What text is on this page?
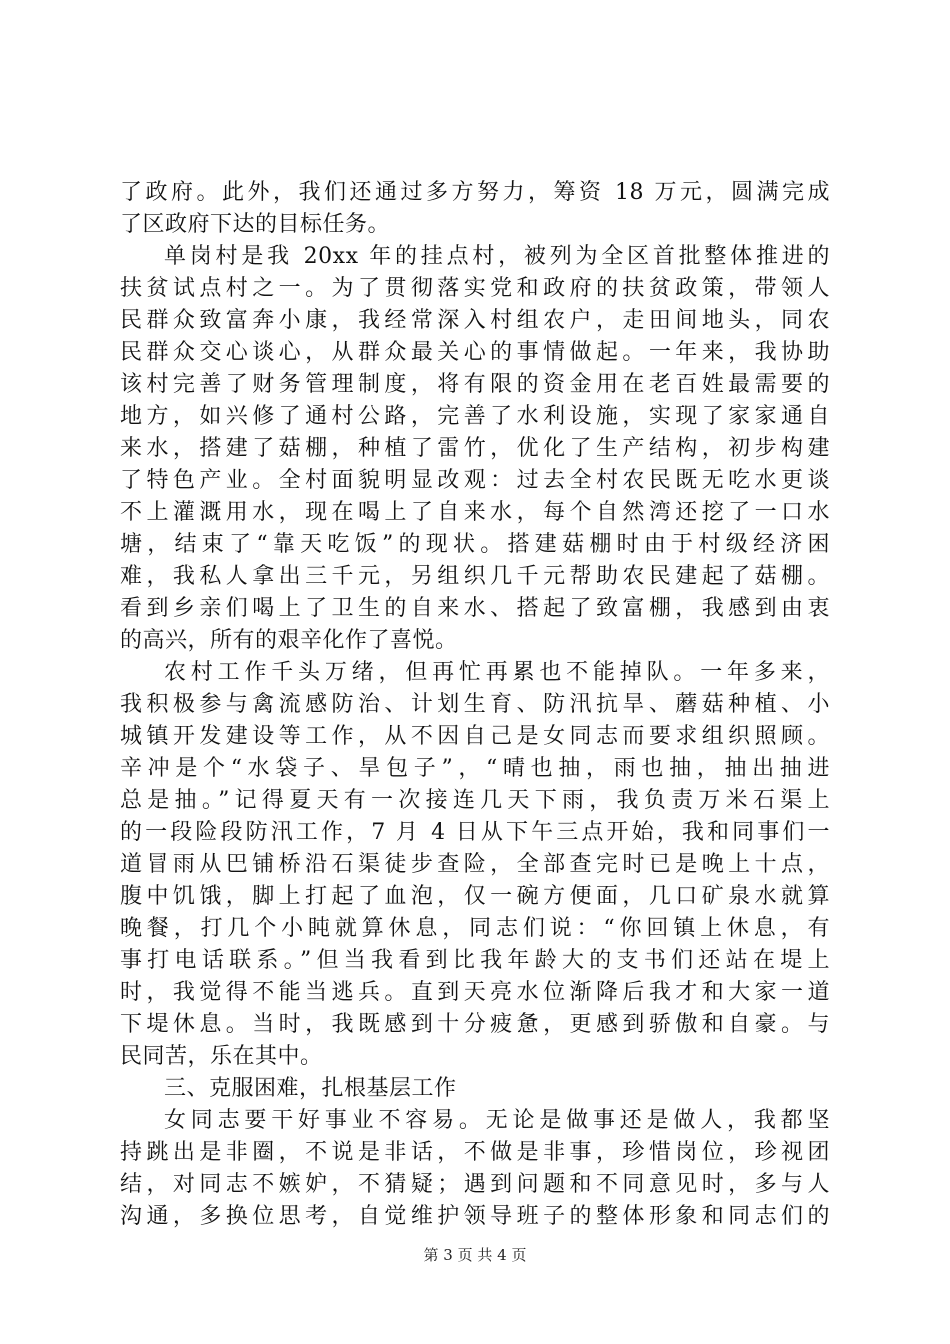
了政府。此外，我们还通过多方努力，筹资 18 万元，圆满完成
了区政府下达的目标任务。
单岗村是我 20xx 年的挂点村，被列为全区首批整体推进的
扶贫试点村之一。为了贯彻落实党和政府的扶贫政策，带领人
民群众致富奔小康，我经常深入村组农户，走田间地头，同农
民群众交心谈心，从群众最关心的事情做起。一年来，我协助
该村完善了财务管理制度，将有限的资金用在老百姓最需要的
地方，如兴修了通村公路，完善了水利设施，实现了家家通自
来水，搭建了菇棚，种植了雷竹，优化了生产结构，初步构建
了特色产业。全村面貌明显改观：过去全村农民既无吃水更谈
不上灌溉用水，现在喝上了自来水，每个自然湾还挖了一口水
塘，结束了“靠天吃饭”的现状。搭建菇棚时由于村级经济困
难，我私人拿出三千元，另组织几千元帮助农民建起了菇棚。
看到乡亲们喝上了卫生的自来水、搭起了致富棚，我感到由衷
的高兴，所有的艰辛化作了喜悦。
农村工作千头万绪，但再忙再累也不能掉队。一年多来，
我积极参与禽流感防治、计划生育、防汛抗旱、蘑菇种植、小
城镇开发建设等工作，从不因自己是女同志而要求组织照顾。
辛冲是个“水袋子、旱包子”，“晴也抽，雨也抽，抽出抽进
总是抽。”记得夏天有一次接连几天下雨，我负责万米石渠上
的一段险段防汛工作，7 月 4 日从下午三点开始，我和同事们一
道冒雨从巴铺桥沿石渠徒步查险，全部查完时已是晚上十点，
腹中饥饿，脚上打起了血泡，仅一碗方便面，几口矿泉水就算
晚餐，打几个小盹就算休息，同志们说：“你回镇上休息，有
事打电话联系。”但当我看到比我年龄大的支书们还站在堤上
时，我觉得不能当逃兵。直到天亮水位渐降后我才和大家一道
下堤休息。当时，我既感到十分疲惫，更感到骄傲和自豪。与
民同苦，乐在其中。
三、克服困难，扎根基层工作
女同志要干好事业不容易。无论是做事还是做人，我都坚
持跳出是非圈，不说是非话，不做是非事，珍惜岗位，珍视团
结，对同志不嫉妒，不猜疑；遇到问题和不同意见时，多与人
沟通，多换位思考，自觉维护领导班子的整体形象和同志们的
第 3 页 共 4 页
